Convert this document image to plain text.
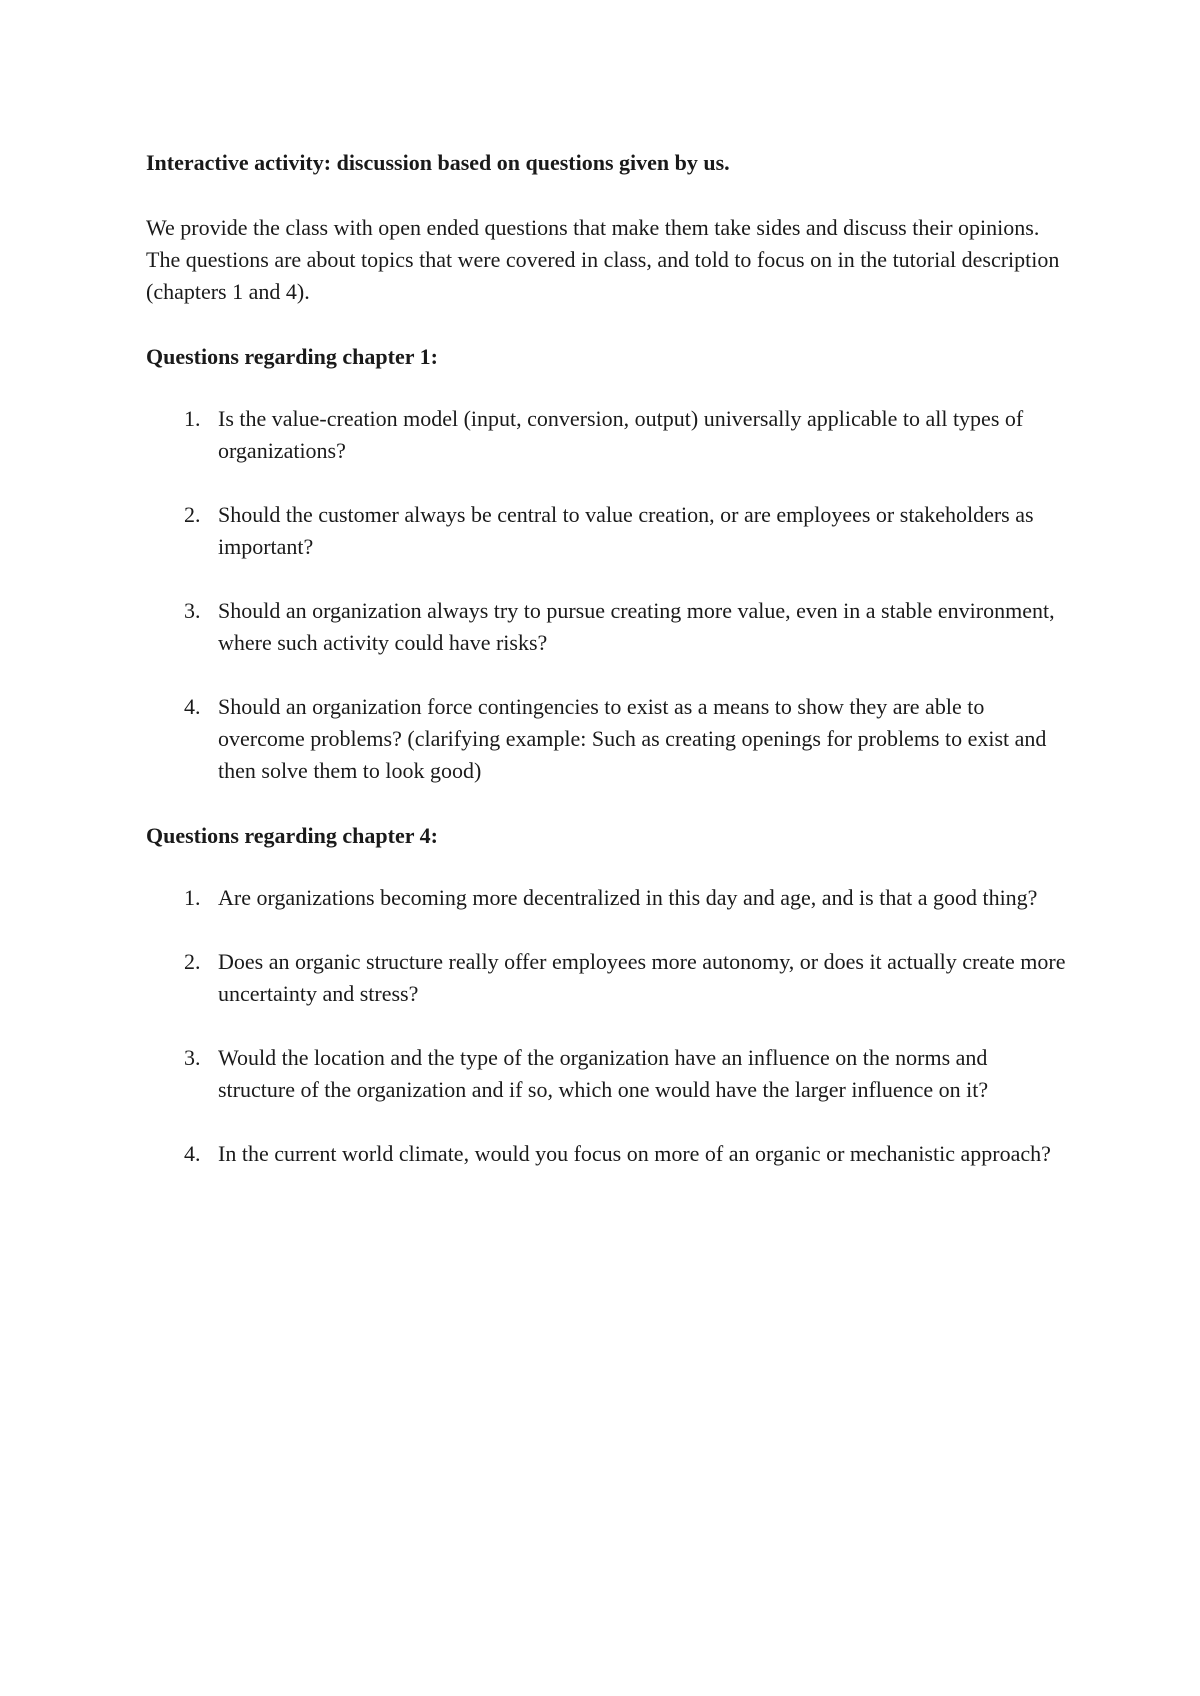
Interactive activity: discussion based on questions given by us.

We provide the class with open ended questions that make them take sides and discuss their opinions. The questions are about topics that were covered in class, and told to focus on in the tutorial description (chapters 1 and 4).

Questions regarding chapter 1:

1. Is the value-creation model (input, conversion, output) universally applicable to all types of organizations?
2. Should the customer always be central to value creation, or are employees or stakeholders as important?
3. Should an organization always try to pursue creating more value, even in a stable environment, where such activity could have risks?
4. Should an organization force contingencies to exist as a means to show they are able to overcome problems? (clarifying example: Such as creating openings for problems to exist and then solve them to look good)

Questions regarding chapter 4:

1. Are organizations becoming more decentralized in this day and age, and is that a good thing?
2. Does an organic structure really offer employees more autonomy, or does it actually create more uncertainty and stress?
3. Would the location and the type of the organization have an influence on the norms and structure of the organization and if so, which one would have the larger influence on it?
4. In the current world climate, would you focus on more of an organic or mechanistic approach?
